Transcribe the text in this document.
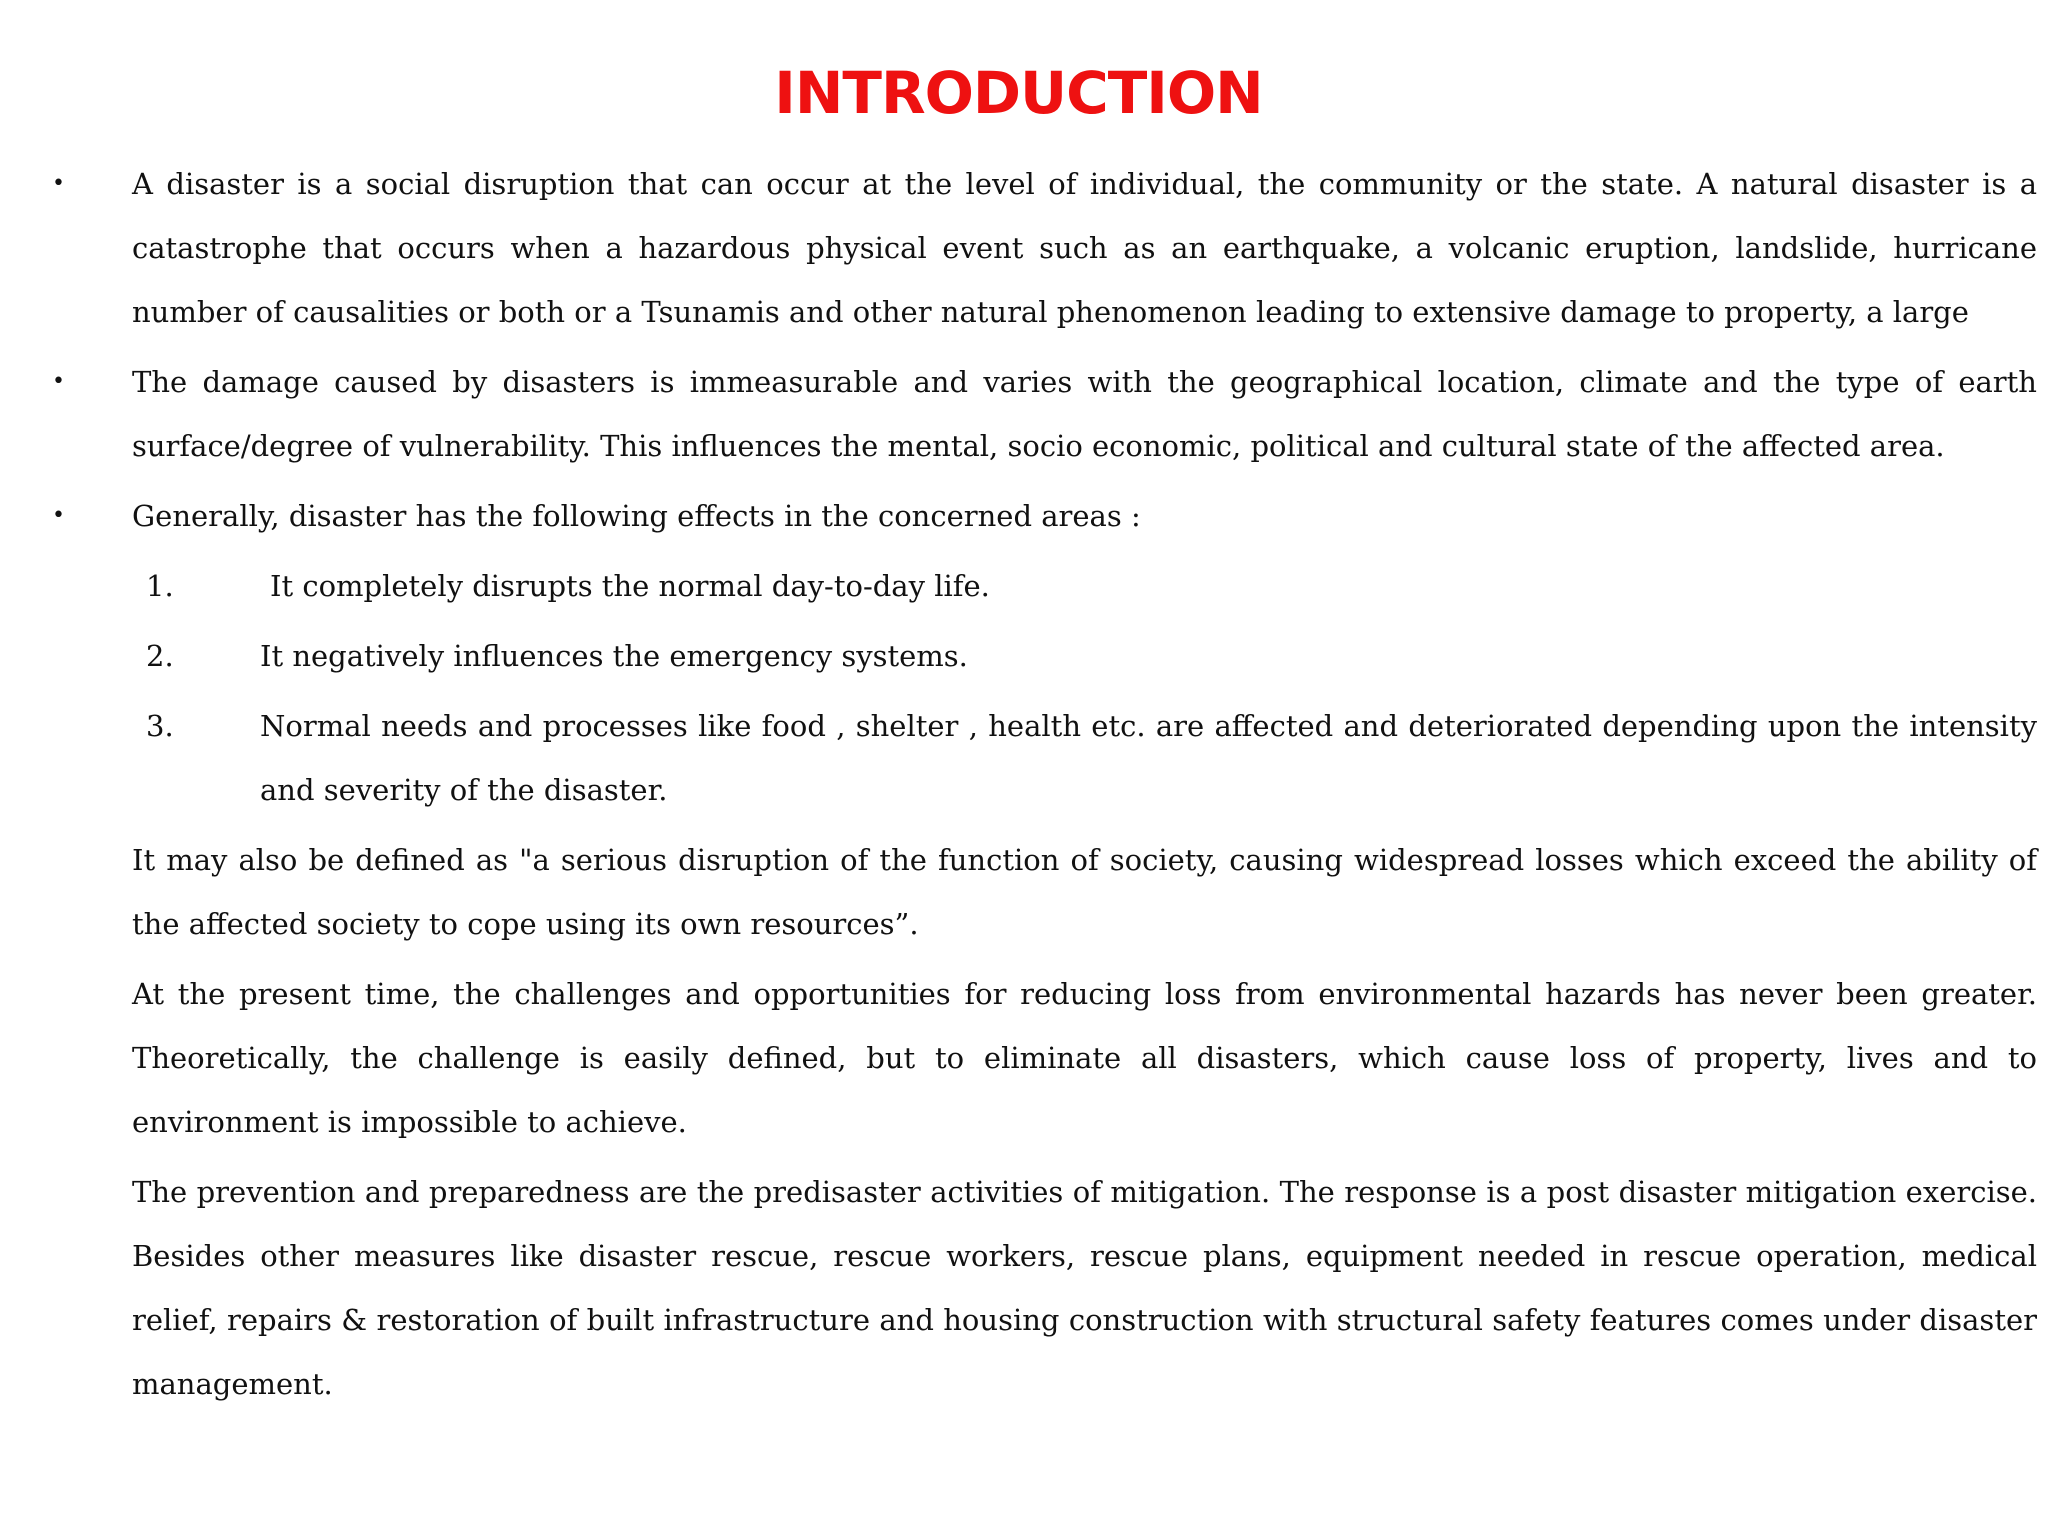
INTRODUCTION
• A disaster is a social disruption that can occur at the level of individual, the community or the state. A natural disaster is a catastrophe that occurs when a hazardous physical event such as an earthquake, a volcanic eruption, landslide, hurricane number of causalities or both or a Tsunamis and other natural phenomenon leading to extensive damage to property, a large
• The damage caused by disasters is immeasurable and varies with the geographical location, climate and the type of earth surface/degree of vulnerability. This influences the mental, socio economic, political and cultural state of the affected area.
• Generally, disaster has the following effects in the concerned areas :
1.	It completely disrupts the normal day-to-day life.
2.	It negatively influences the emergency systems.
3.	Normal needs and processes like food , shelter , health etc. are affected and deteriorated depending upon the intensity and severity of the disaster.
It may also be defined as "a serious disruption of the function of society, causing widespread losses which exceed the ability of the affected society to cope using its own resources”.
At the present time, the challenges and opportunities for reducing loss from environmental hazards has never been greater. Theoretically, the challenge is easily defined, but to eliminate all disasters, which cause loss of property, lives and to environment is impossible to achieve.
The prevention and preparedness are the predisaster activities of mitigation. The response is a post disaster mitigation exercise. Besides other measures like disaster rescue, rescue workers, rescue plans, equipment needed in rescue operation, medical relief, repairs & restoration of built infrastructure and housing construction with structural safety features comes under disaster management.
